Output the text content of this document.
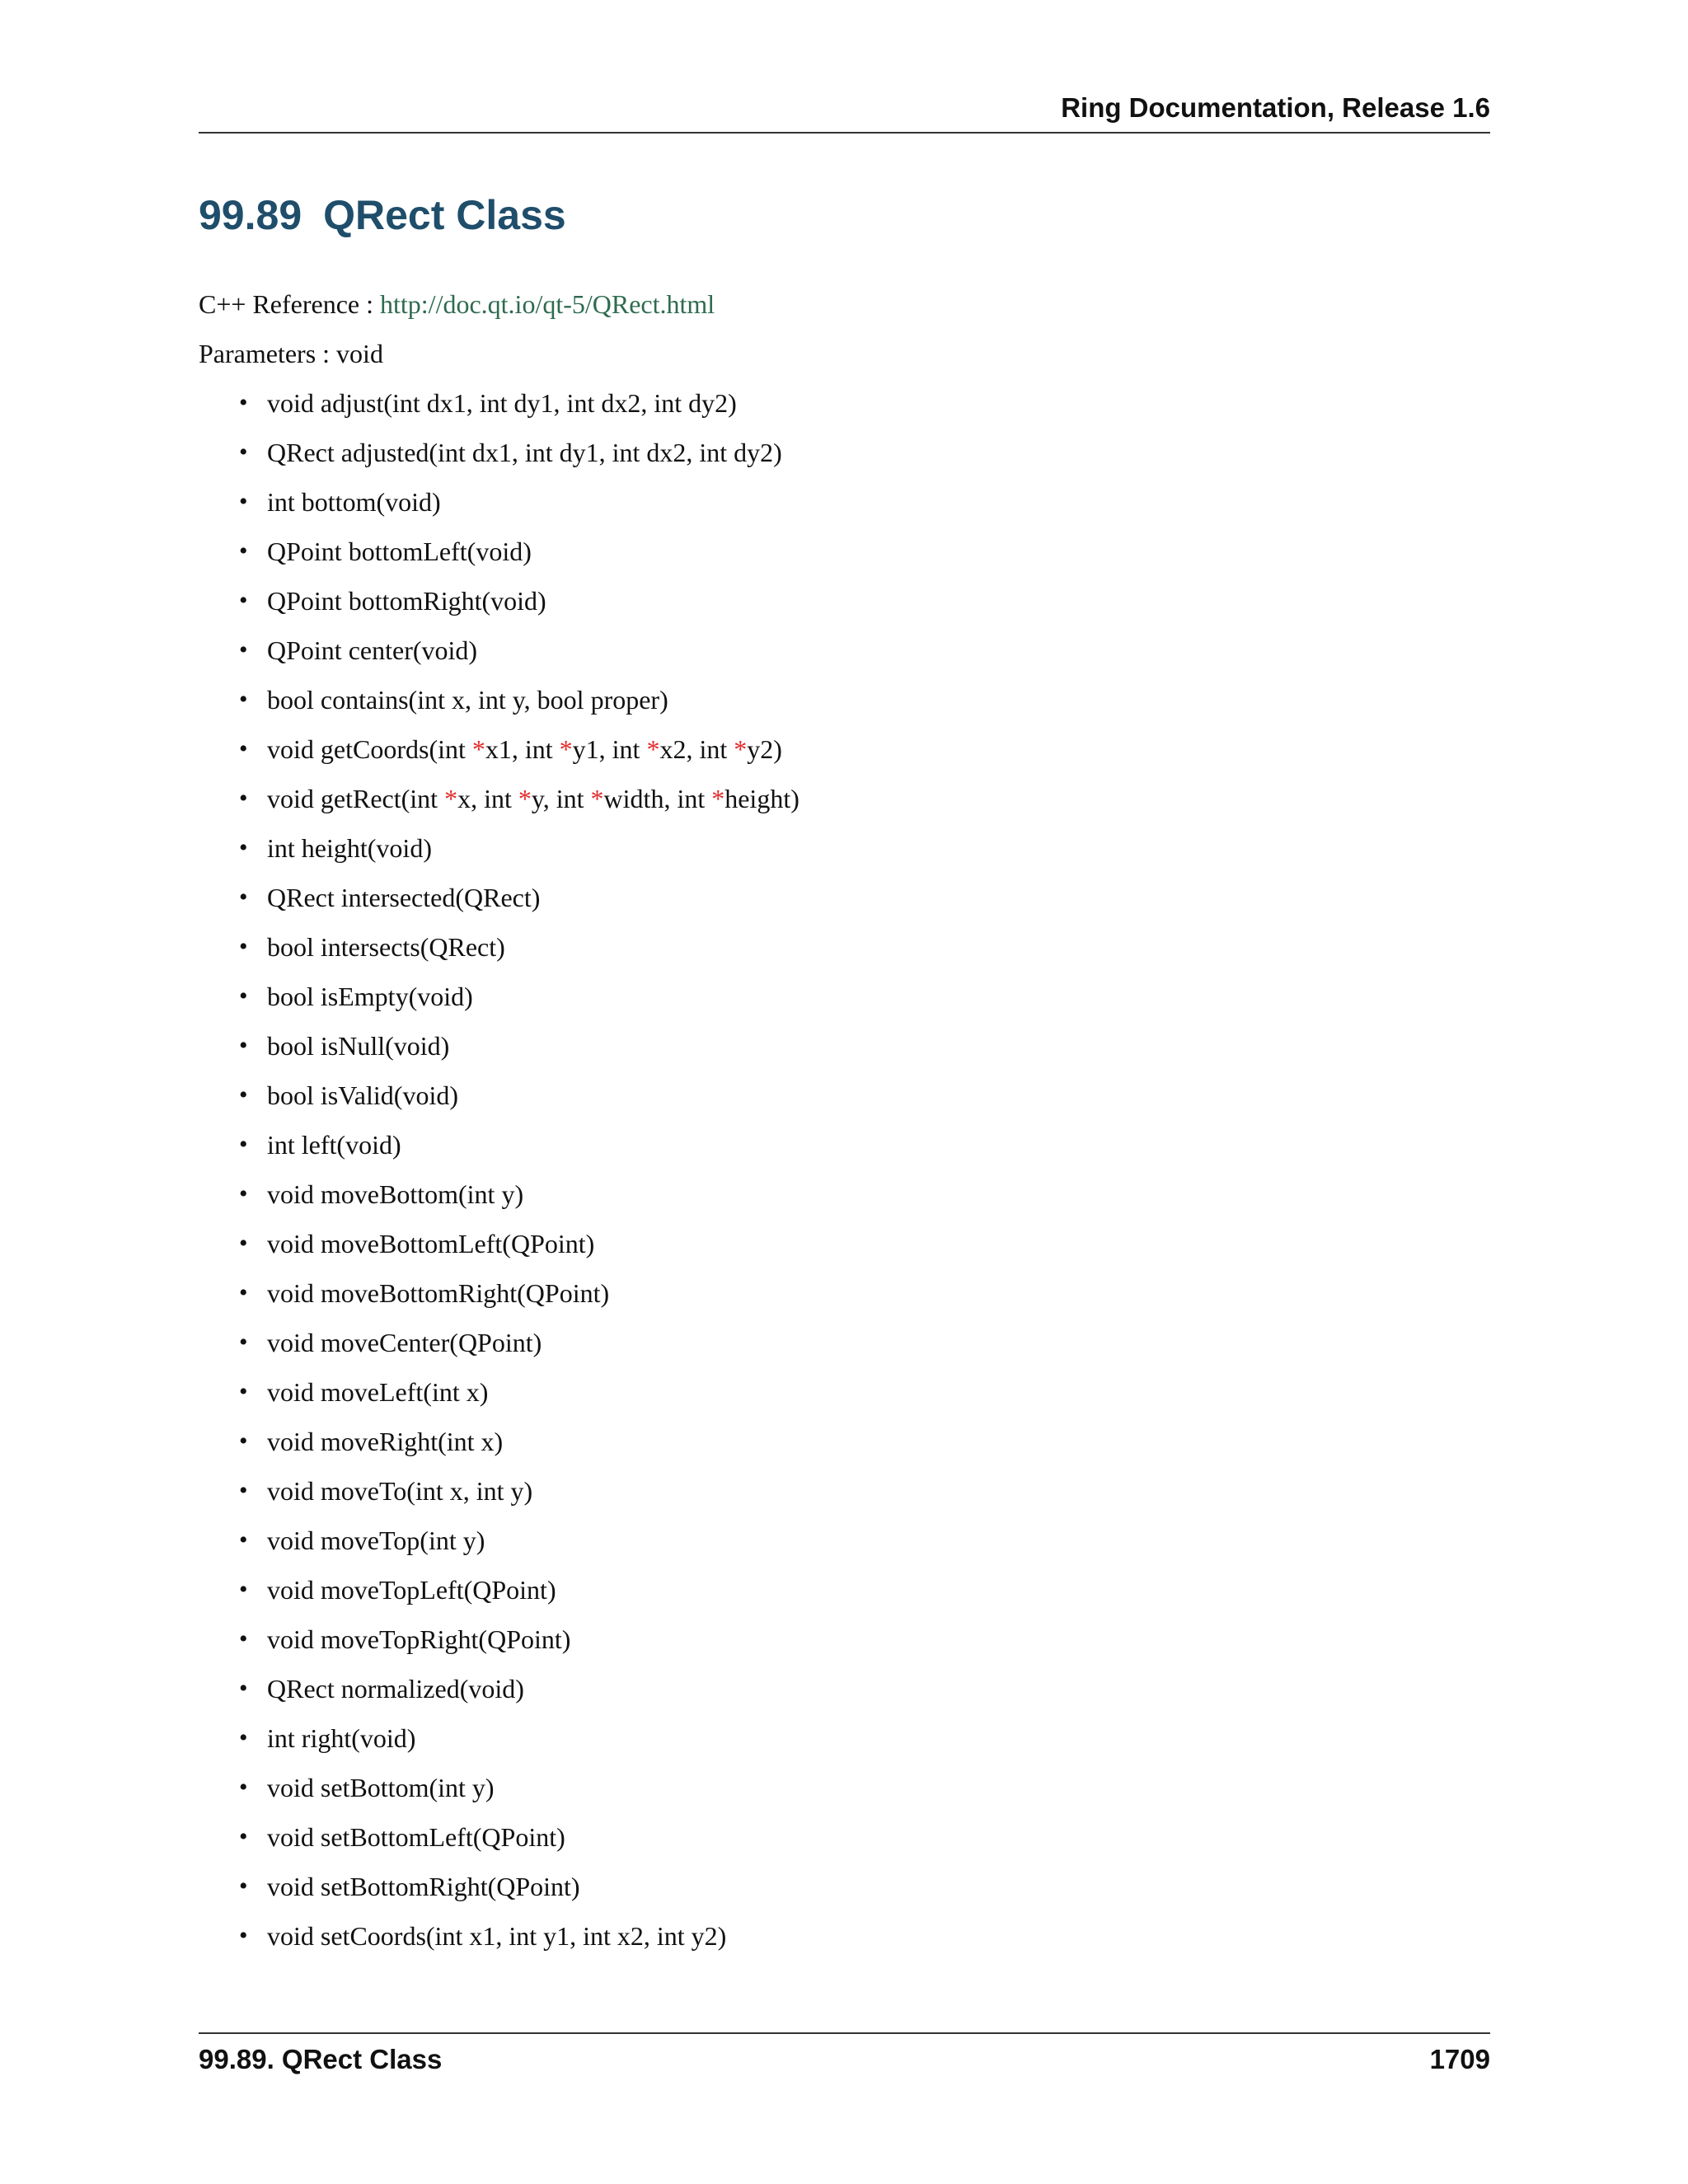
Ring Documentation, Release 1.6
99.89 QRect Class
C++ Reference : http://doc.qt.io/qt-5/QRect.html
Parameters : void
• void adjust(int dx1, int dy1, int dx2, int dy2)
• QRect adjusted(int dx1, int dy1, int dx2, int dy2)
• int bottom(void)
• QPoint bottomLeft(void)
• QPoint bottomRight(void)
• QPoint center(void)
• bool contains(int x, int y, bool proper)
• void getCoords(int *x1, int *y1, int *x2, int *y2)
• void getRect(int *x, int *y, int *width, int *height)
• int height(void)
• QRect intersected(QRect)
• bool intersects(QRect)
• bool isEmpty(void)
• bool isNull(void)
• bool isValid(void)
• int left(void)
• void moveBottom(int y)
• void moveBottomLeft(QPoint)
• void moveBottomRight(QPoint)
• void moveCenter(QPoint)
• void moveLeft(int x)
• void moveRight(int x)
• void moveTo(int x, int y)
• void moveTop(int y)
• void moveTopLeft(QPoint)
• void moveTopRight(QPoint)
• QRect normalized(void)
• int right(void)
• void setBottom(int y)
• void setBottomLeft(QPoint)
• void setBottomRight(QPoint)
• void setCoords(int x1, int y1, int x2, int y2)
99.89. QRect Class	1709
